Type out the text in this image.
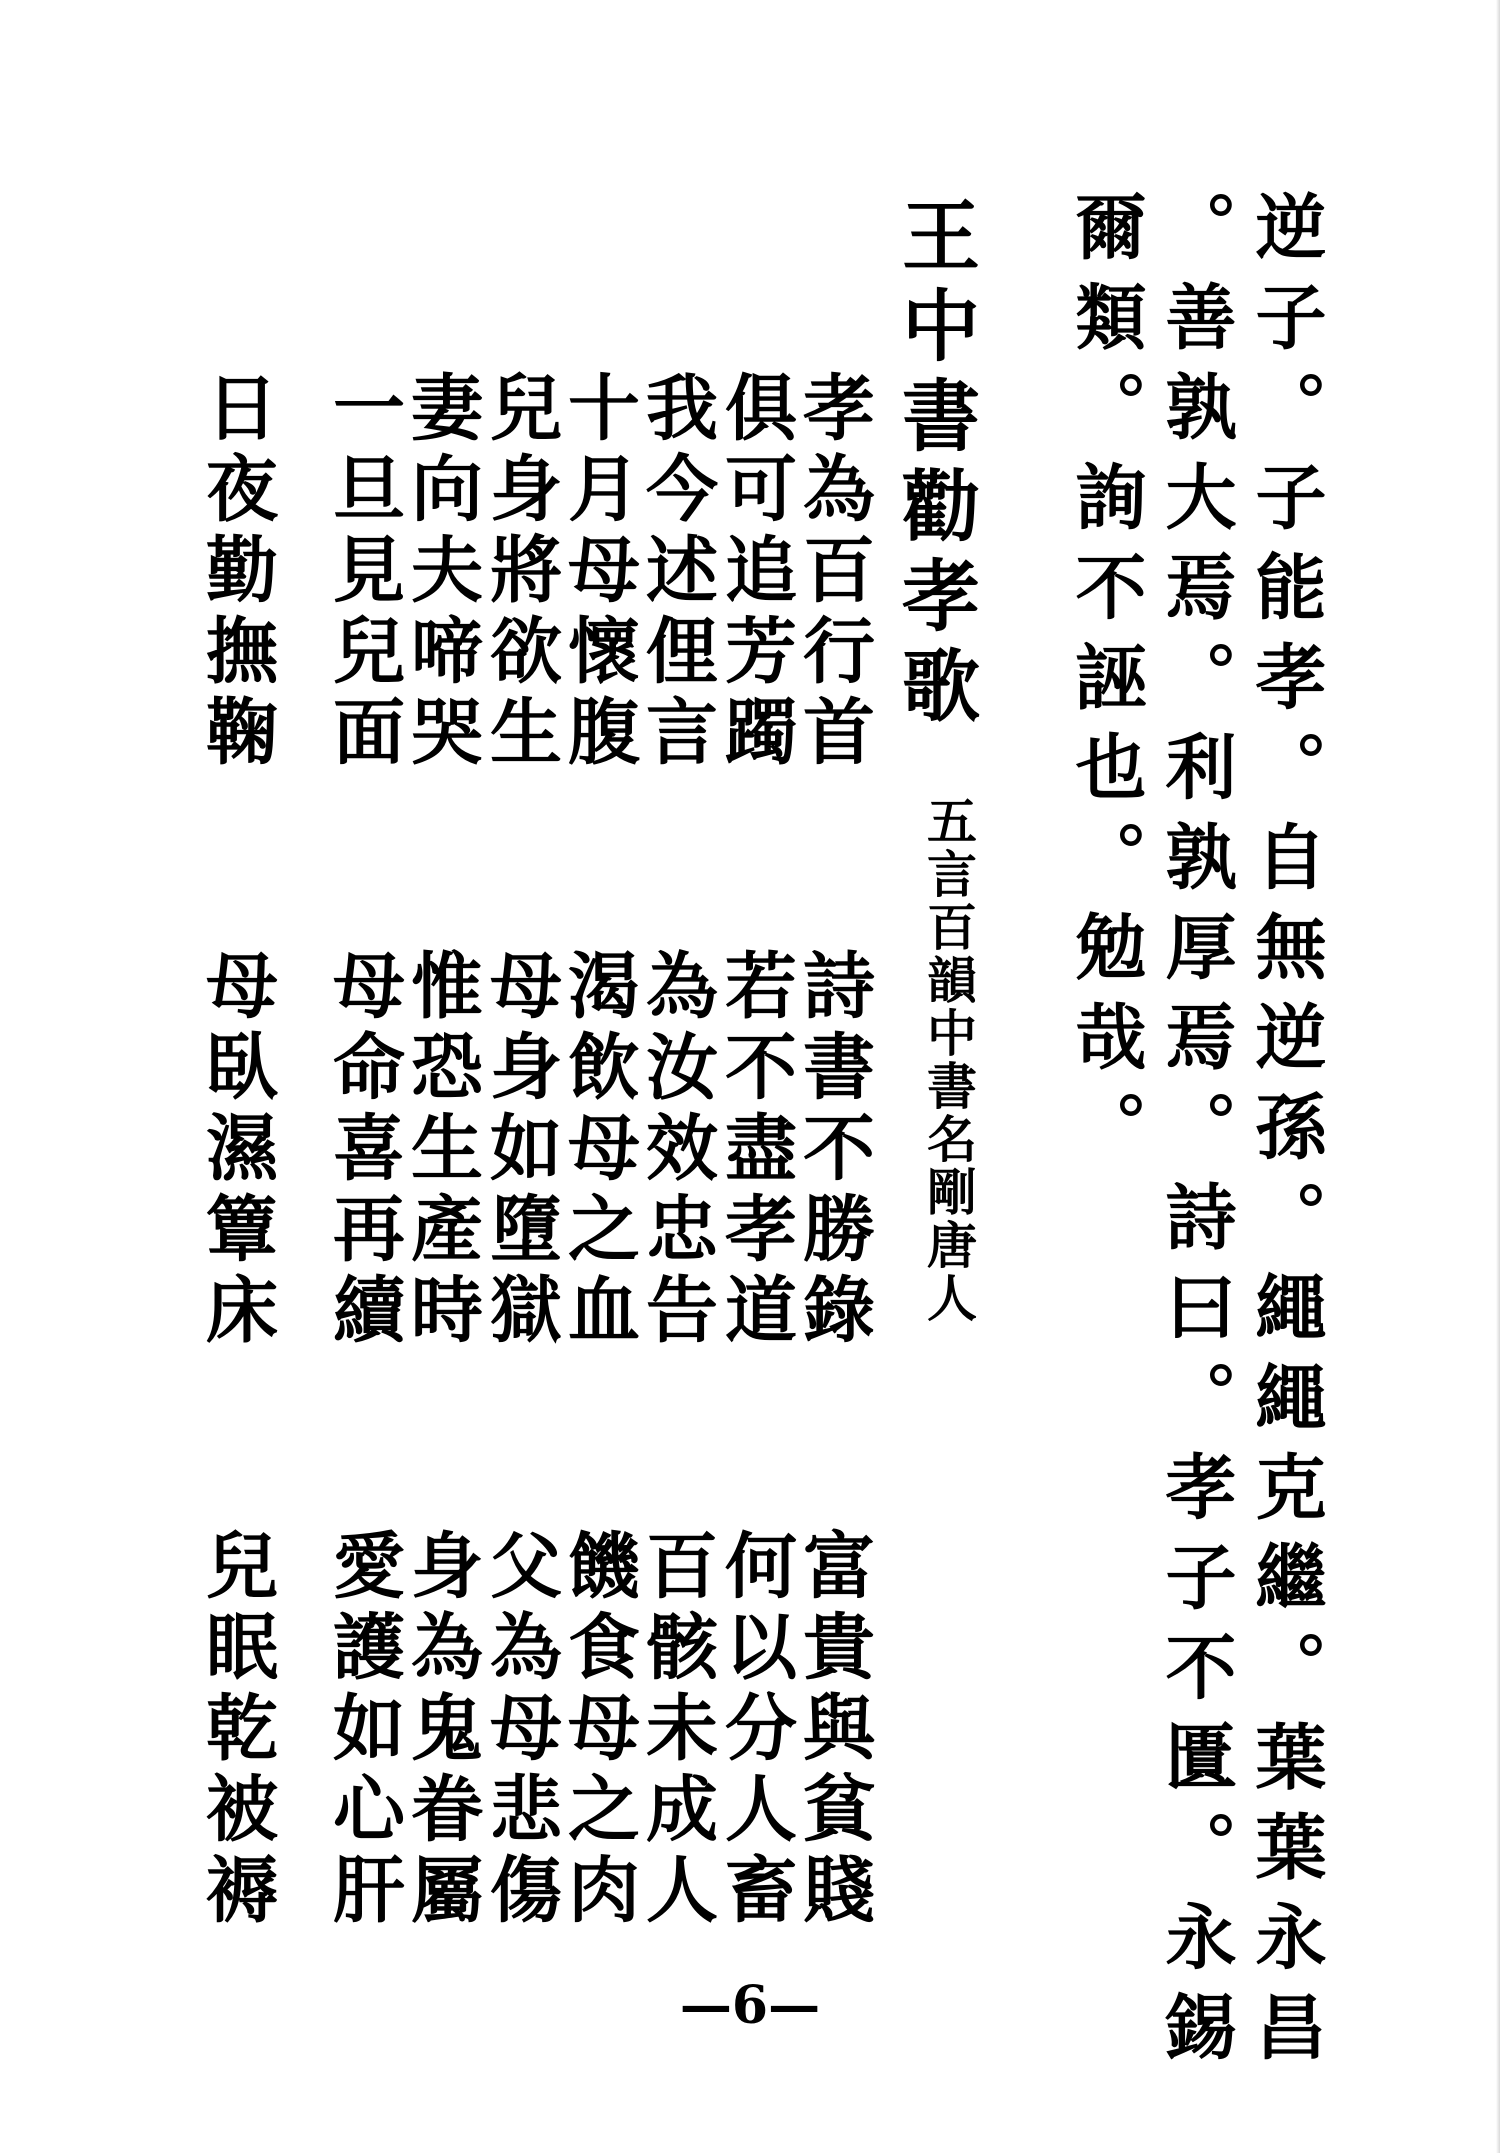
逆子。子能孝。自無逆孫。繩繩克繼。葉葉永昌
。善孰大焉。利孰厚焉。詩曰。孝子不匱。永錫
爾類。詢不誣也。勉哉。
王中書勸孝歌
五言百韻中書名剛唐人
孝為百行首
俱可追芳躅
我今述俚言
十月母懷腹
兒身將欲生
妻向夫啼哭
一旦見兒面
日夜勤撫鞠
詩書不勝錄
若不盡孝道
為汝效忠告
渴飲母之血
母身如墮獄
惟恐生產時
母命喜再續
母臥濕簟床
富貴與貧賤
何以分人畜
百骸未成人
饑食母之肉
父為母悲傷
身為鬼眷屬
愛護如心肝
兒眠乾被褥
—6—
